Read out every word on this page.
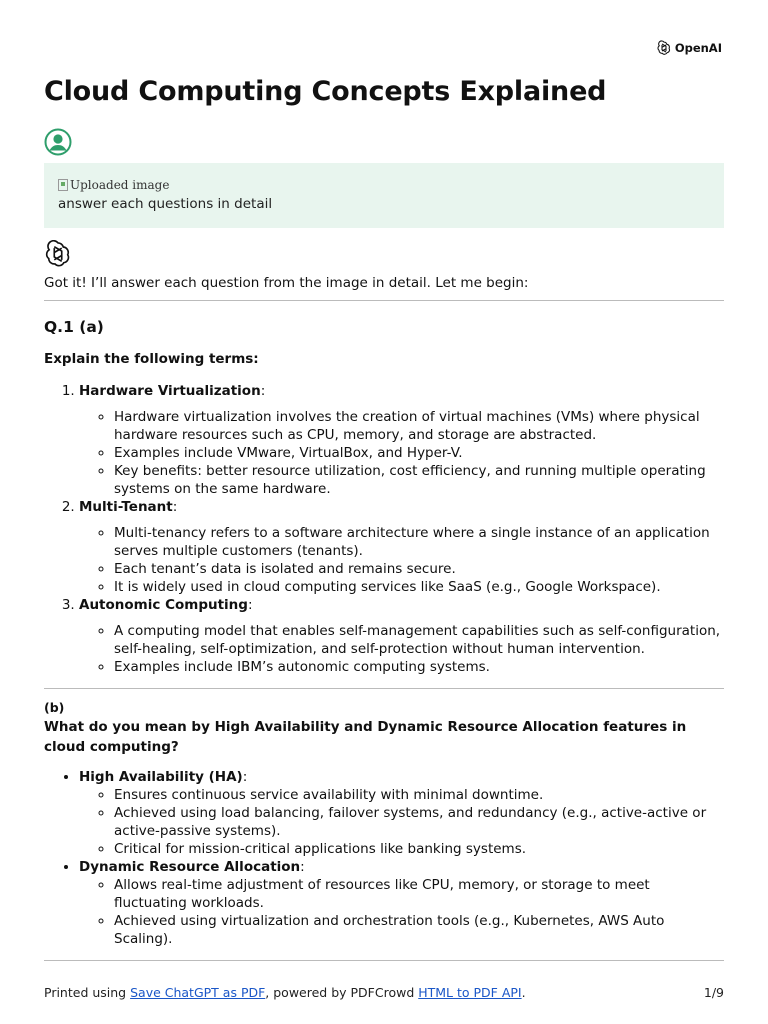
OpenAI
Cloud Computing Concepts Explained
Uploaded image
answer each questions in detail

Got it! I’ll answer each question from the image in detail. Let me begin:

Q.1 (a)

Explain the following terms:

1. Hardware Virtualization:
◦ Hardware virtualization involves the creation of virtual machines (VMs) where physical hardware resources such as CPU, memory, and storage are abstracted.
◦ Examples include VMware, VirtualBox, and Hyper-V.
◦ Key benefits: better resource utilization, cost efficiency, and running multiple operating systems on the same hardware.
2. Multi-Tenant:
◦ Multi-tenancy refers to a software architecture where a single instance of an application serves multiple customers (tenants).
◦ Each tenant’s data is isolated and remains secure.
◦ It is widely used in cloud computing services like SaaS (e.g., Google Workspace).
3. Autonomic Computing:
◦ A computing model that enables self-management capabilities such as self-configuration, self-healing, self-optimization, and self-protection without human intervention.
◦ Examples include IBM’s autonomic computing systems.

(b)

What do you mean by High Availability and Dynamic Resource Allocation features in cloud computing?

• High Availability (HA):
◦ Ensures continuous service availability with minimal downtime.
◦ Achieved using load balancing, failover systems, and redundancy (e.g., active-active or active-passive systems).
◦ Critical for mission-critical applications like banking systems.
• Dynamic Resource Allocation:
◦ Allows real-time adjustment of resources like CPU, memory, or storage to meet fluctuating workloads.
◦ Achieved using virtualization and orchestration tools (e.g., Kubernetes, AWS Auto Scaling).
Printed using Save ChatGPT as PDF, powered by PDFCrowd HTML to PDF API.	1/9
